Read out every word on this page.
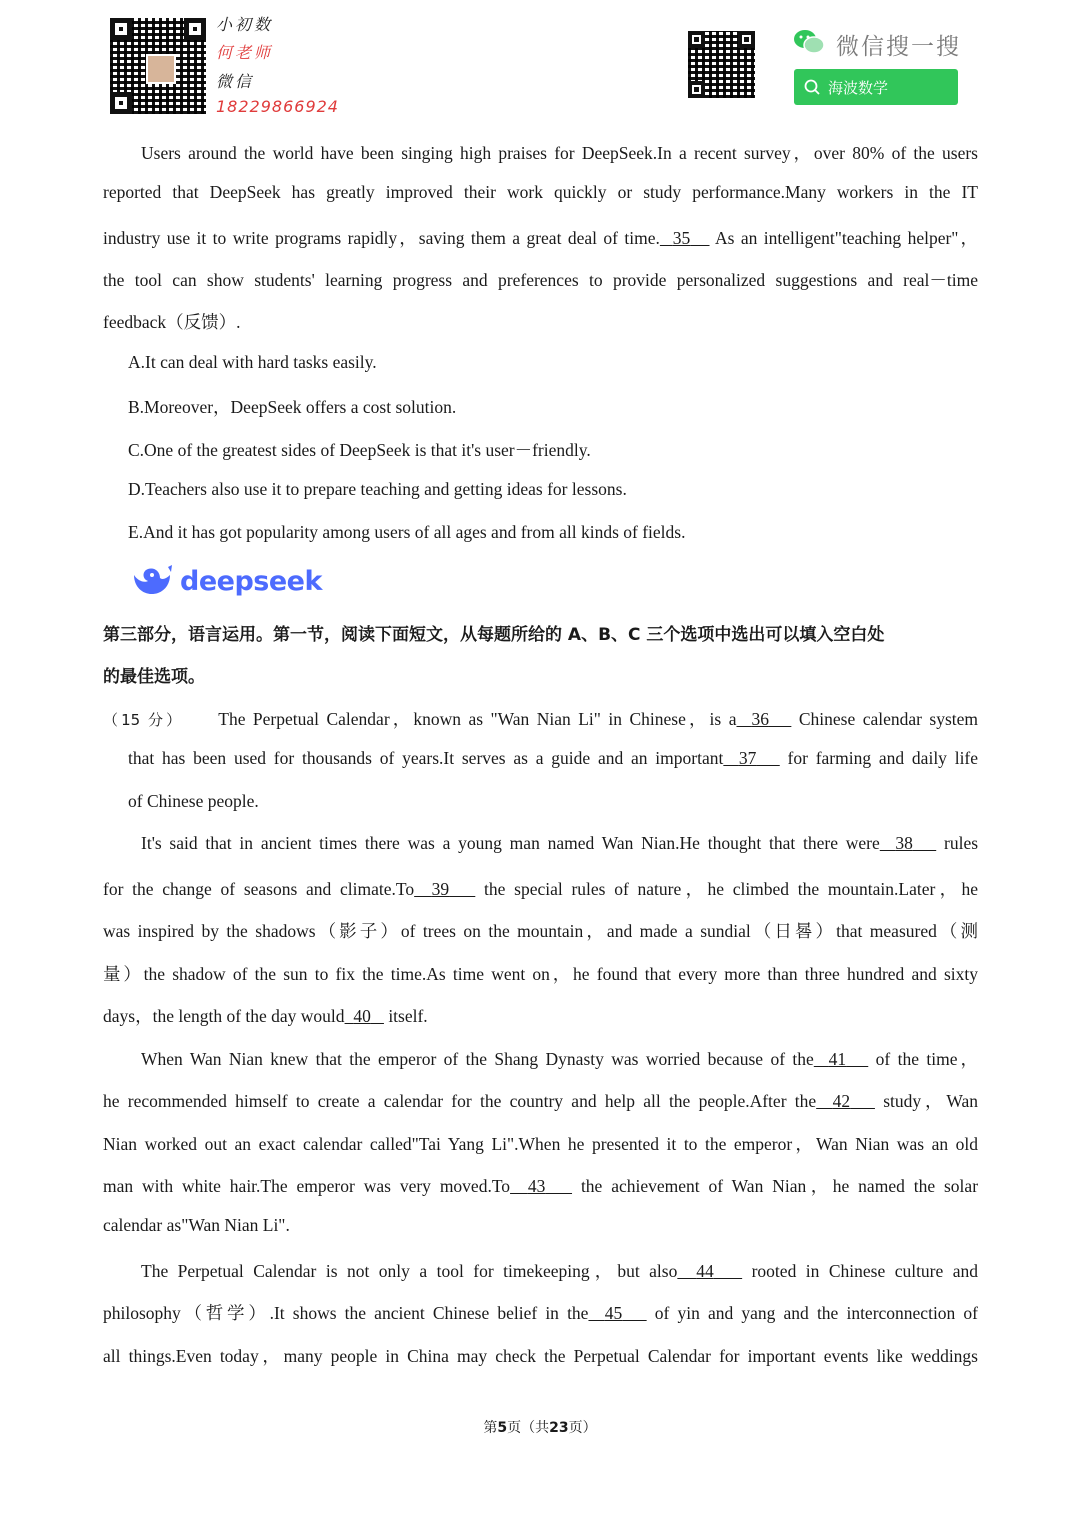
小初数
何老师
微信
18229866924
微信搜一搜
海波数学
Users around the world have been singing high praises for DeepSeek.In a recent survey，over 80% of the users
reported that DeepSeek has greatly improved their work quickly or study performance.Many workers in the IT
industry use it to write programs rapidly，saving them a great deal of time. 35 As an intelligent"teaching helper"，
the tool can show students' learning progress and preferences to provide personalized suggestions and real－time
feedback（反馈）.
A.It can deal with hard tasks easily.
B.Moreover，DeepSeek offers a cost solution.
C.One of the greatest sides of DeepSeek is that it's user－friendly.
D.Teachers also use it to prepare teaching and getting ideas for lessons.
E.And it has got popularity among users of all ages and from all kinds of fields.
deepseek
第三部分，语言运用。第一节，阅读下面短文，从每题所给的 A、B、C 三个选项中选出可以填入空白处
的最佳选项。
（15 分） The Perpetual Calendar，known as "Wan Nian Li" in Chinese，is a 36 Chinese calendar system
that has been used for thousands of years.It serves as a guide and an important 37 for farming and daily life
of Chinese people.
It's said that in ancient times there was a young man named Wan Nian.He thought that there were 38 rules
for the change of seasons and climate.To 39 the special rules of nature，he climbed the mountain.Later，he
was inspired by the shadows（影子）of trees on the mountain，and made a sundial（日晷）that measured（测
量）the shadow of the sun to fix the time.As time went on，he found that every more than three hundred and sixty
days，the length of the day would 40 itself.
When Wan Nian knew that the emperor of the Shang Dynasty was worried because of the 41 of the time，
he recommended himself to create a calendar for the country and help all the people.After the 42 study，Wan
Nian worked out an exact calendar called"Tai Yang Li".When he presented it to the emperor，Wan Nian was an old
man with white hair.The emperor was very moved.To 43 the achievement of Wan Nian，he named the solar
calendar as"Wan Nian Li".
The Perpetual Calendar is not only a tool for timekeeping，but also 44 rooted in Chinese culture and
philosophy（哲学）.It shows the ancient Chinese belief in the 45 of yin and yang and the interconnection of
all things.Even today，many people in China may check the Perpetual Calendar for important events like weddings
第5页（共23页）
